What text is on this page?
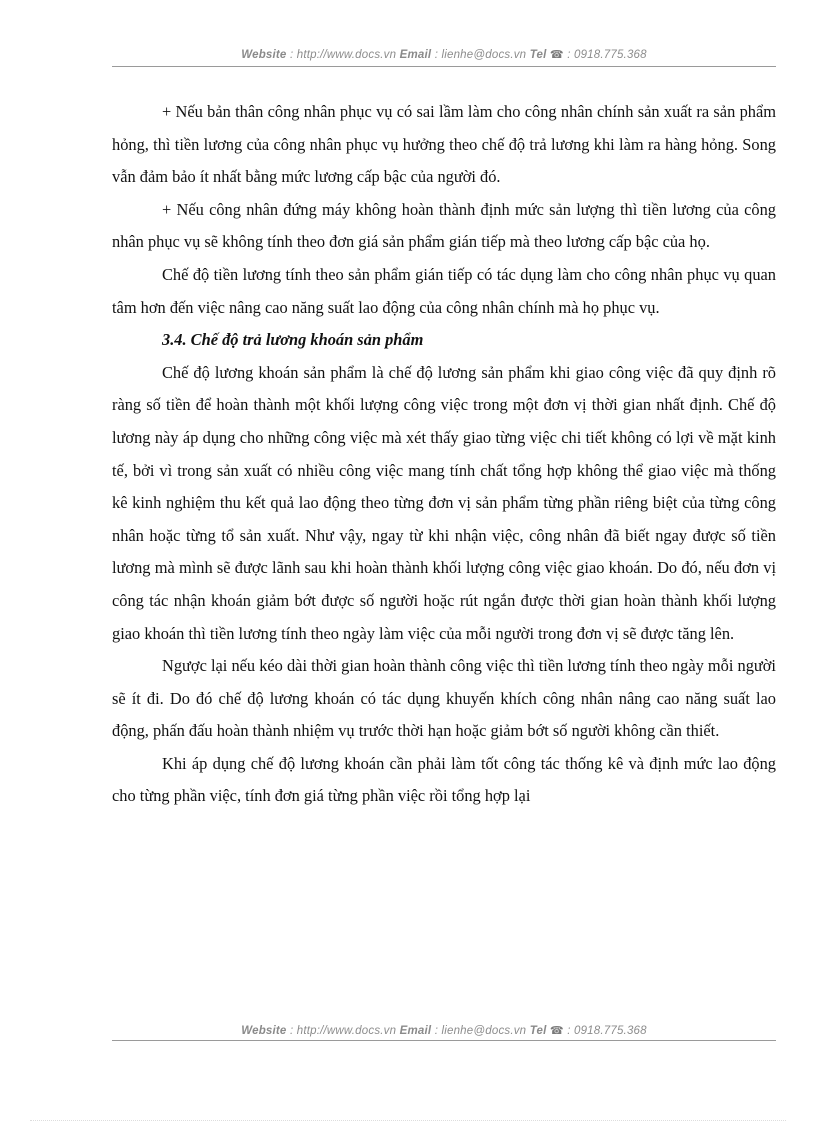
Website : http://www.docs.vn Email : lienhe@docs.vn Tel ☎ : 0918.775.368

+ Nếu bản thân công nhân phục vụ có sai lầm làm cho công nhân chính sản xuất ra sản phẩm hỏng, thì tiền lương của công nhân phục vụ hưởng theo chế độ trả lương khi làm ra hàng hỏng. Song vẫn đảm bảo ít nhất bằng mức lương cấp bậc của người đó.

+ Nếu công nhân đứng máy không hoàn thành định mức sản lượng thì tiền lương của công nhân phục vụ sẽ không tính theo đơn giá sản phẩm gián tiếp mà theo lương cấp bậc của họ.

Chế độ tiền lương tính theo sản phẩm gián tiếp có tác dụng làm cho công nhân phục vụ quan tâm hơn đến việc nâng cao năng suất lao động của công nhân chính mà họ phục vụ.

3.4. Chế độ trả lương khoán sản phẩm

Chế độ lương khoán sản phẩm là chế độ lương sản phẩm khi giao công việc đã quy định rõ ràng số tiền để hoàn thành một khối lượng công việc trong một đơn vị thời gian nhất định. Chế độ lương này áp dụng cho những công việc mà xét thấy giao từng việc chi tiết không có lợi về mặt kinh tế, bởi vì trong sản xuất có nhiều công việc mang tính chất tổng hợp không thể giao việc mà thống kê kinh nghiệm thu kết quả lao động theo từng đơn vị sản phẩm từng phần riêng biệt của từng công nhân hoặc từng tổ sản xuất. Như vậy, ngay từ khi nhận việc, công nhân đã biết ngay được số tiền lương mà mình sẽ được lãnh sau khi hoàn thành khối lượng công việc giao khoán. Do đó, nếu đơn vị công tác nhận khoán giảm bớt được số người hoặc rút ngắn được thời gian hoàn thành khối lượng giao khoán thì tiền lương tính theo ngày làm việc của mỗi người trong đơn vị sẽ được tăng lên.

Ngược lại nếu kéo dài thời gian hoàn thành công việc thì tiền lương tính theo ngày mỗi người sẽ ít đi. Do đó chế độ lương khoán có tác dụng khuyến khích công nhân nâng cao năng suất lao động, phấn đấu hoàn thành nhiệm vụ trước thời hạn hoặc giảm bớt số người không cần thiết.

Khi áp dụng chế độ lương khoán cần phải làm tốt công tác thống kê và định mức lao động cho từng phần việc, tính đơn giá từng phần việc rồi tổng hợp lại

Website : http://www.docs.vn Email : lienhe@docs.vn Tel ☎ : 0918.775.368
